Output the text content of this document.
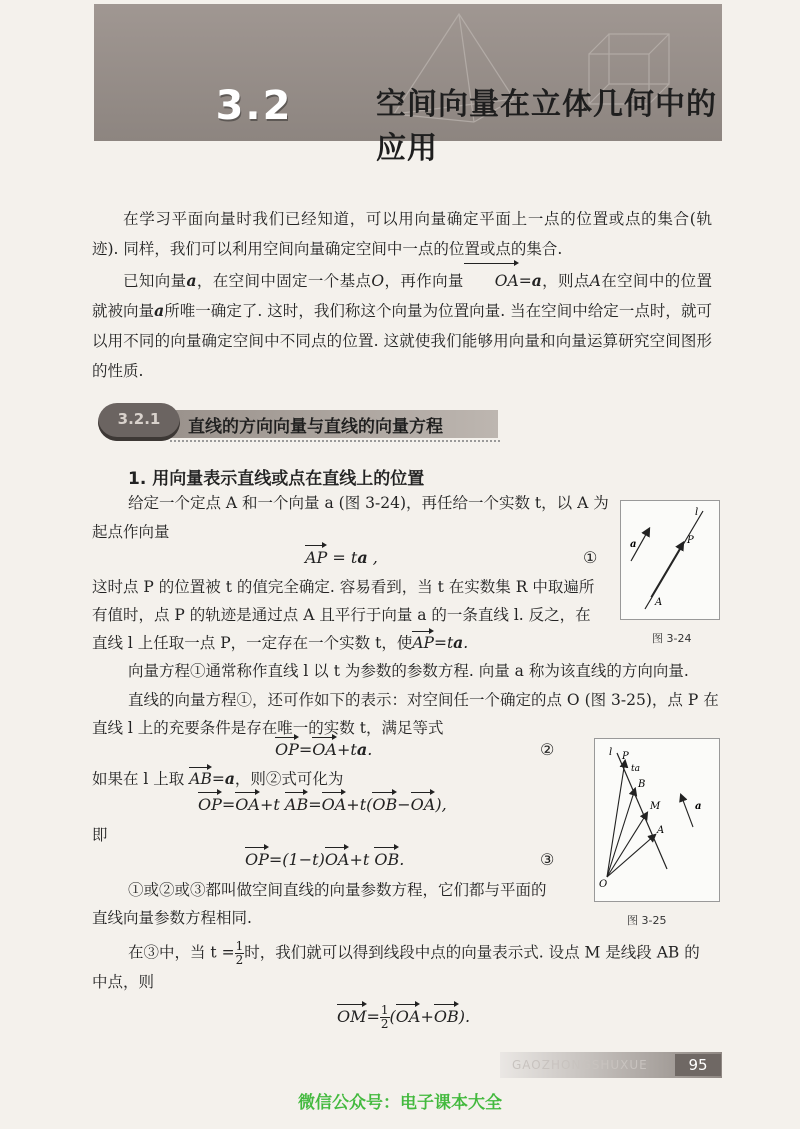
3.2	空间向量在立体几何中的应用

在学习平面向量时我们已经知道，可以用向量确定平面上一点的位置或点的集合(轨迹). 同样，我们可以利用空间向量确定空间中一点的位置或点的集合.

已知向量a，在空间中固定一个基点O，再作向量 OA=a，则点A在空间中的位置就被向量a所唯一确定了. 这时，我们称这个向量为位置向量. 当在空间中给定一点时，就可以用不同的向量确定空间中不同点的位置. 这就使我们能够用向量和向量运算研究空间图形的性质.

3.2.1	直线的方向向量与直线的向量方程
1. 用向量表示直线或点在直线上的位置
给定一个定点 A 和一个向量 a (图 3-24)，再任给一个实数 t，以 A 为
起点作向量
AP = ta ,	①
这时点 P 的位置被 t 的值完全确定. 容易看到，当 t 在实数集 R 中取遍所
有值时，点 P 的轨迹是通过点 A 且平行于向量 a 的一条直线 l. 反之，在
直线 l 上任取一点 P，一定存在一个实数 t，使AP=ta.
a
A
P
l
图 3-24
向量方程①通常称作直线 l 以 t 为参数的参数方程. 向量 a 称为该直线的方向向量.
直线的向量方程①，还可作如下的表示：对空间任一个确定的点 O (图 3-25)，点 P 在
直线 l 上的充要条件是存在唯一的实数 t，满足等式
OP=OA+ta.	②
如果在 l 上取 AB=a，则②式可化为
OP=OA+t AB=OA+t(OB−OA),
即
OP=(1−t)OA+t OB.	③
①或②或③都叫做空间直线的向量参数方程，它们都与平面的
直线向量参数方程相同.
l P
ta
B
M
A
a
O
图 3-25
在③中，当 $t = \frac{1}{2}$ 时，我们就可以得到线段中点的向量表示式. 设点 M 是线段 AB 的
中点，则
$OM= \frac{1}{2} (OA+OB)$.
GAOZHONGSHUXUE	95
微信公众号：电子课本大全
